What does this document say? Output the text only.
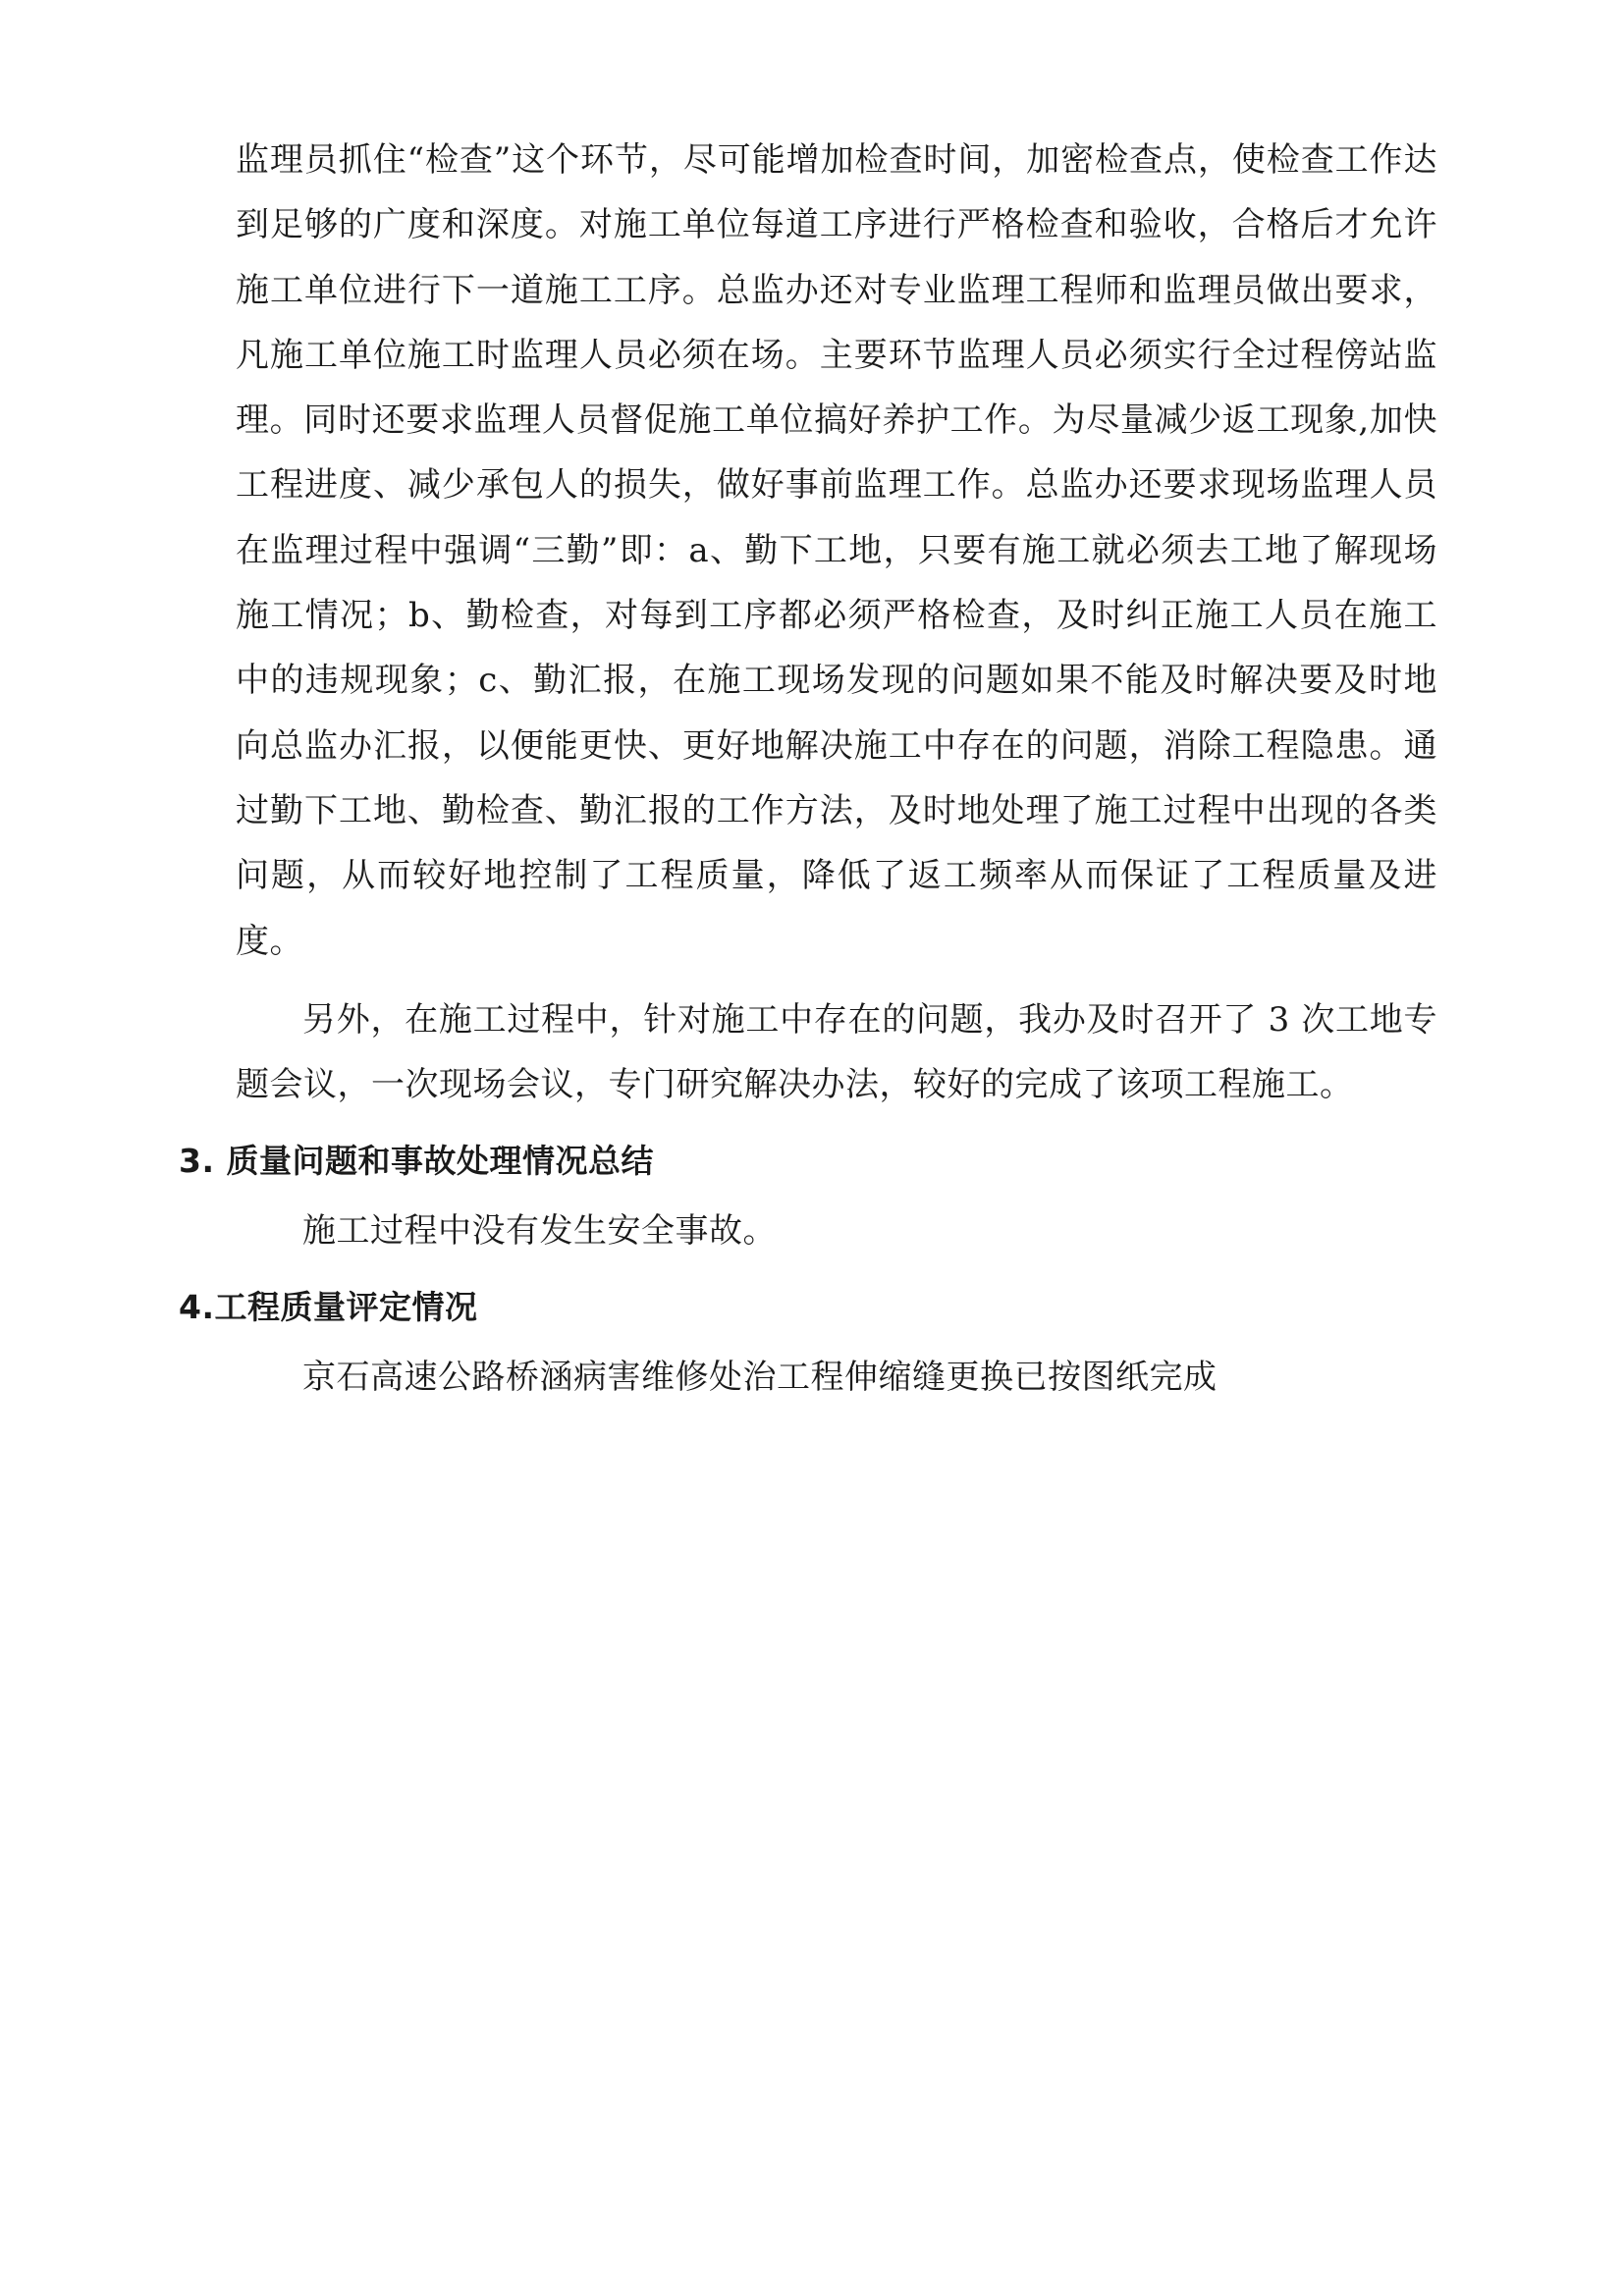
监理员抓住“检查”这个环节，尽可能增加检查时间，加密检查点，使检查工作达到足够的广度和深度。对施工单位每道工序进行严格检查和验收，合格后才允许施工单位进行下一道施工工序。总监办还对专业监理工程师和监理员做出要求，凡施工单位施工时监理人员必须在场。主要环节监理人员必须实行全过程傍站监理。同时还要求监理人员督促施工单位搞好养护工作。为尽量减少返工现象,加快工程进度、减少承包人的损失，做好事前监理工作。总监办还要求现场监理人员在监理过程中强调“三勤”即：a、勤下工地，只要有施工就必须去工地了解现场施工情况；b、勤检查，对每到工序都必须严格检查，及时纠正施工人员在施工中的违规现象；c、勤汇报，在施工现场发现的问题如果不能及时解决要及时地向总监办汇报，以便能更快、更好地解决施工中存在的问题，消除工程隐患。通过勤下工地、勤检查、勤汇报的工作方法，及时地处理了施工过程中出现的各类问题，从而较好地控制了工程质量，降低了返工频率从而保证了工程质量及进度。
另外，在施工过程中，针对施工中存在的问题，我办及时召开了 3 次工地专题会议，一次现场会议，专门研究解决办法，较好的完成了该项工程施工。
3. 质量问题和事故处理情况总结
施工过程中没有发生安全事故。
4.工程质量评定情况
京石高速公路桥涵病害维修处治工程伸缩缝更换已按图纸完成
